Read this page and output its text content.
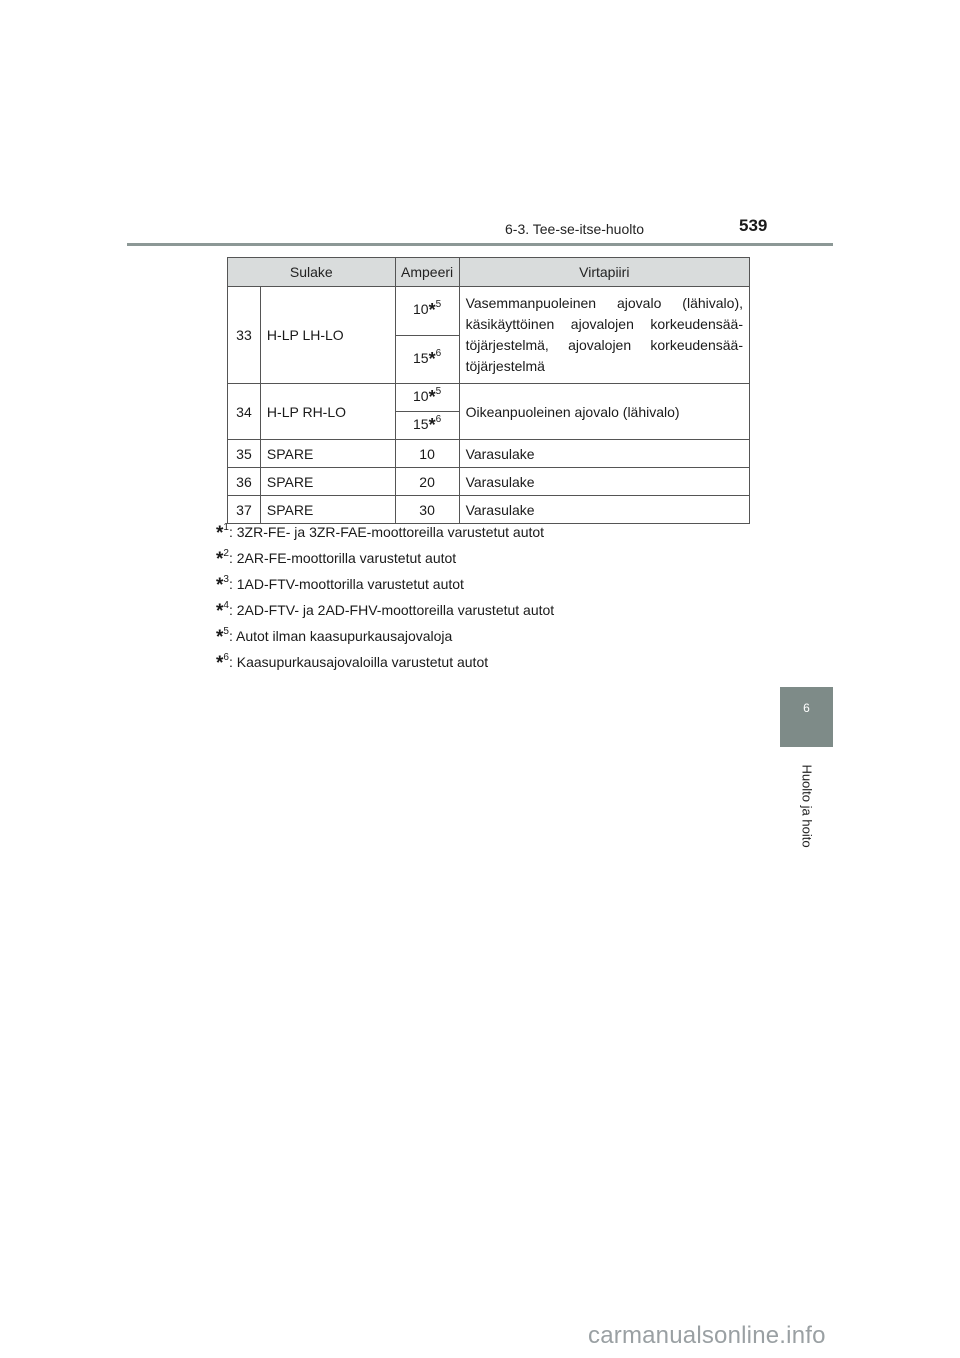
6-3. Tee-se-itse-huolto	539
Sulake		Ampeeri	Virtapiiri
33	H-LP LH-LO	10*$^5$	Vasemmanpuoleinen ajovalo (lähivalo), käsikäyttöinen ajovalojen korkeudensää-töjärjestelmä, ajovalojen korkeudensää-töjärjestelmä
		15*$^6$
34	H-LP RH-LO	10*$^5$	Oikeanpuoleinen ajovalo (lähivalo)
		15*$^6$
35	SPARE	10	Varasulake
36	SPARE	20	Varasulake
37	SPARE	30	Varasulake
*$^1$: 3ZR-FE- ja 3ZR-FAE-moottoreilla varustetut autot
*$^2$: 2AR-FE-moottorilla varustetut autot
*$^3$: 1AD-FTV-moottorilla varustetut autot
*$^4$: 2AD-FTV- ja 2AD-FHV-moottoreilla varustetut autot
*$^5$: Autot ilman kaasupurkausajovaloja
*$^6$: Kaasupurkausajovaloilla varustetut autot
6
Huolto ja hoito
carmanualsonline.info
